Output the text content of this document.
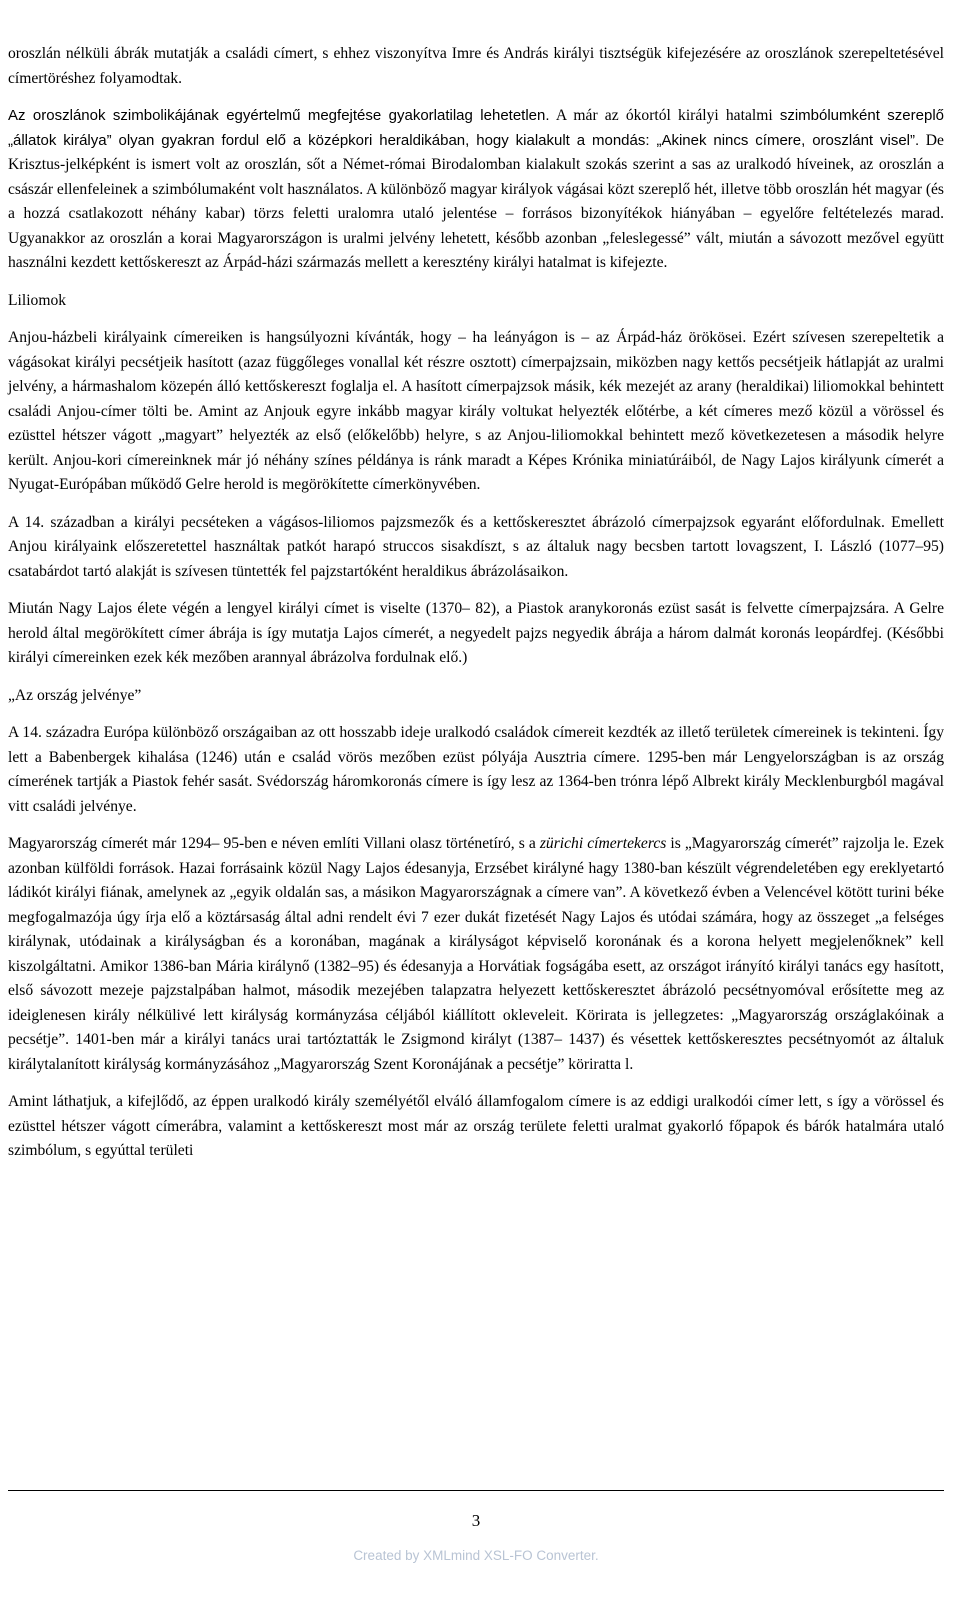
oroszlán nélküli ábrák mutatják a családi címert, s ehhez viszonyítva Imre és András királyi tisztségük kifejezésére az oroszlánok szerepeltetésével címertöréshez folyamodtak.

Az oroszlánok szimbolikájának egyértelmű megfejtése gyakorlatilag lehetetlen. A már az ókortól királyi hatalmi szimbólumként szereplő „állatok királya” olyan gyakran fordul elő a középkori heraldikában, hogy kialakult a mondás: „Akinek nincs címere, oroszlánt visel”. De Krisztus-jelképként is ismert volt az oroszlán, sőt a Német-római Birodalomban kialakult szokás szerint a sas az uralkodó híveinek, az oroszlán a császár ellenfeleinek a szimbólumaként volt használatos. A különböző magyar királyok vágásai közt szereplő hét, illetve több oroszlán hét magyar (és a hozzá csatlakozott néhány kabar) törzs feletti uralomra utaló jelentése – forrásos bizonyítékok hiányában – egyelőre feltételezés marad. Ugyanakkor az oroszlán a korai Magyarországon is uralmi jelvény lehetett, később azonban „feleslegessé” vált, miután a sávozott mezővel együtt használni kezdett kettőskereszt az Árpád-házi származás mellett a keresztény királyi hatalmat is kifejezte.

Liliomok

Anjou-házbeli királyaink címereiken is hangsúlyozni kívánták, hogy – ha leányágon is – az Árpád-ház örökösei. Ezért szívesen szerepeltetik a vágásokat királyi pecsétjeik hasított (azaz függőleges vonallal két részre osztott) címerpajzsain, miközben nagy kettős pecsétjeik hátlapját az uralmi jelvény, a hármashalom közepén álló kettőskereszt foglalja el. A hasított címerpajzsok másik, kék mezejét az arany (heraldikai) liliomokkal behintett családi Anjou-címer tölti be. Amint az Anjouk egyre inkább magyar király voltukat helyezték előtérbe, a két címeres mező közül a vörössel és ezüsttel hétszer vágott „magyart” helyezték az első (előkelőbb) helyre, s az Anjou-liliomokkal behintett mező következetesen a második helyre került. Anjou-kori címereinknek már jó néhány színes példánya is ránk maradt a Képes Krónika miniatúráiból, de Nagy Lajos királyunk címerét a Nyugat-Európában működő Gelre herold is megörökítette címerkönyvében.

A 14. században a királyi pecséteken a vágásos-liliomos pajzsmezők és a kettőskeresztet ábrázoló címerpajzsok egyaránt előfordulnak. Emellett Anjou királyaink előszeretettel használtak patkót harapó struccos sisakdíszt, s az általuk nagy becsben tartott lovagszent, I. László (1077–95) csatabárdot tartó alakját is szívesen tüntették fel pajzstartóként heraldikus ábrázolásaikon.

Miután Nagy Lajos élete végén a lengyel királyi címet is viselte (1370– 82), a Piastok aranykoronás ezüst sasát is felvette címerpajzsára. A Gelre herold által megörökített címer ábrája is így mutatja Lajos címerét, a negyedelt pajzs negyedik ábrája a három dalmát koronás leopárdfej. (Későbbi királyi címereinken ezek kék mezőben arannyal ábrázolva fordulnak elő.)

„Az ország jelvénye”

A 14. századra Európa különböző országaiban az ott hosszabb ideje uralkodó családok címereit kezdték az illető területek címereinek is tekinteni. Így lett a Babenbergek kihalása (1246) után e család vörös mezőben ezüst pólyája Ausztria címere. 1295-ben már Lengyelországban is az ország címerének tartják a Piastok fehér sasát. Svédország háromkoronás címere is így lesz az 1364-ben trónra lépő Albrekt király Mecklenburgból magával vitt családi jelvénye.

Magyarország címerét már 1294– 95-ben e néven említi Villani olasz történetíró, s a zürichi címertekercs is „Magyarország címerét” rajzolja le. Ezek azonban külföldi források. Hazai forrásaink közül Nagy Lajos édesanyja, Erzsébet királyné hagy 1380-ban készült végrendeletében egy ereklyetartó ládikót királyi fiának, amelynek az „egyik oldalán sas, a másikon Magyarországnak a címere van”. A következő évben a Velencével kötött turini béke megfogalmazója úgy írja elő a köztársaság által adni rendelt évi 7 ezer dukát fizetését Nagy Lajos és utódai számára, hogy az összeget „a felséges királynak, utódainak a királyságban és a koronában, magának a királyságot képviselő koronának és a korona helyett megjelenőknek” kell kiszolgáltatni. Amikor 1386-ban Mária királynő (1382–95) és édesanyja a Horvátiak fogságába esett, az országot irányító királyi tanács egy hasított, első sávozott mezeje pajzstalpában halmot, második mezejében talapzatra helyezett kettőskeresztet ábrázoló pecsétnyomóval erősítette meg az ideiglenesen király nélkülivé lett királyság kormányzása céljából kiállított okleveleit. Körirata is jellegzetes: „Magyarország országlakóinak a pecsétje”. 1401-ben már a királyi tanács urai tartóztatták le Zsigmond királyt (1387– 1437) és vésettek kettőskeresztes pecsétnyomót az általuk királytalanított királyság kormányzásához „Magyarország Szent Koronájának a pecsétje” köriratta l.

Amint láthatjuk, a kifejlődő, az éppen uralkodó király személyétől elváló államfogalom címere is az eddigi uralkodói címer lett, s így a vörössel és ezüsttel hétszer vágott címerábra, valamint a kettőskereszt most már az ország területe feletti uralmat gyakorló főpapok és bárók hatalmára utaló szimbólum, s egyúttal területi

3
Created by XMLmind XSL-FO Converter.
